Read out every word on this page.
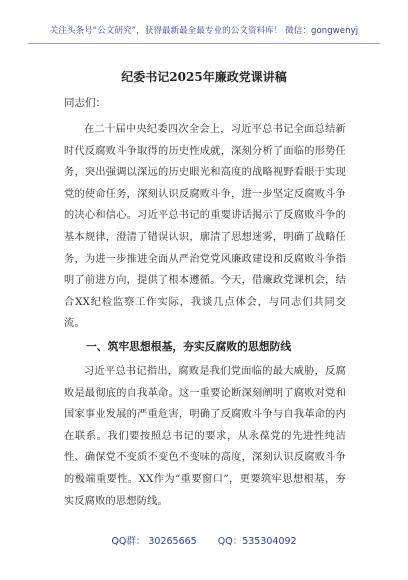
关注头条号“公文研究”，获得最新最全最专业的公文资料库！ 微信：gongwenyj
纪委书记2025年廉政党课讲稿
同志们：
在二十届中央纪委四次全会上，习近平总书记全面总结新时代反腐败斗争取得的历史性成就，深刻分析了面临的形势任务，突出强调以深远的历史眼光和高度的战略视野看眼于实现党的使命任务，深刻认识反腐败斗争，进一步坚定反腐败斗争的决心和信心。习近平总书记的重要讲话揭示了反腐败斗争的基本规律，澄清了错误认识，廓清了思想迷雾，明确了战略任务，为进一步推进全面从严治党党风廉政建设和反腐败斗争指明了前进方向，提供了根本遵循。今天，借廉政党课机会，结合XX纪检监察工作实际，我谈几点体会，与同志们共同交流。
一、筑牢思想根基，夯实反腐败的思想防线
习近平总书记指出，腐败是我们党面临的最大威胁，反腐败是最彻底的自我革命。这一重要论断深刻阐明了腐败对党和国家事业发展的严重危害，明确了反腐败斗争与自我革命的内在联系。我们要按照总书记的要求，从永葆党的先进性纯洁性、确保党不变质不变色不变味的高度，深刻认识反腐败斗争的极端重要性。XX作为“重要窗口”，更要筑牢思想根基，夯实反腐败的思想防线。
QQ群： 30265665 QQ：535304092
